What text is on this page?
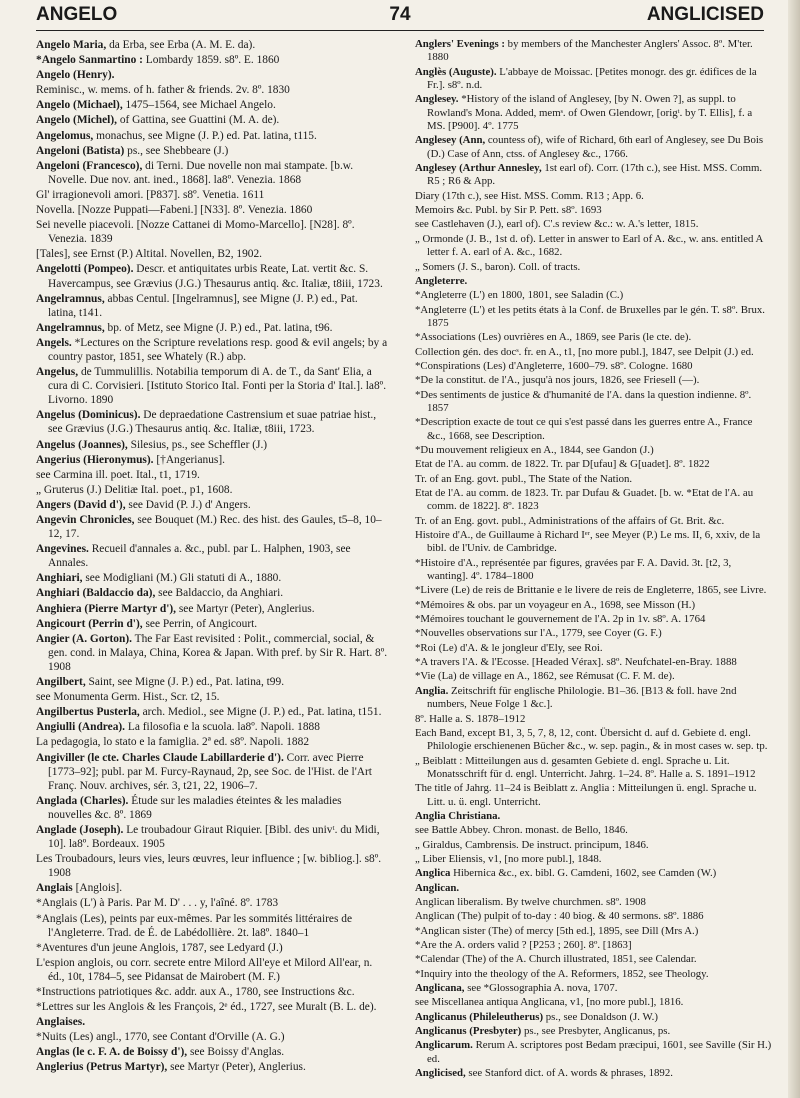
ANGELO	74	ANGLICISED

Angelo Maria, da Erba, see Erba (A. M. E. da).

*Angelo Sanmartino : Lombardy 1859. s8º. E. 1860

Angelo (Henry).

Reminisc., w. mems. of h. father & friends. 2v. 8º. 1830

Angelo (Michael), 1475–1564, see Michael Angelo.

Angelo (Michel), of Gattina, see Guattini (M. A. de).

Angelomus, monachus, see Migne (J. P.) ed. Pat. latina, t115.

Angeloni (Batista) ps., see Shebbeare (J.)

Angeloni (Francesco), di Terni. Due novelle non mai stampate. [b.w. Novelle. Due nov. ant. ined., 1868]. la8º. Venezia. 1868

Gl' irragionevoli amori. [P837]. s8º. Venetia. 1611

Novella. [Nozze Puppati—Fabeni.] [N33]. 8º. Venezia. 1860

Sei nevelle piacevoli. [Nozze Cattanei di Momo-Marcello]. [N28]. 8º. Venezia. 1839

[Tales], see Ernst (P.) Altital. Novellen, B2, 1902.

Angelotti (Pompeo). Descr. et antiquitates urbis Reate, Lat. vertit &c. S. Havercampus, see Grævius (J.G.) Thesaurus antiq. &c. Italiæ, t8iii, 1723.

Angelramnus, abbas Centul. [Ingelramnus], see Migne (J. P.) ed., Pat. latina, t141.

Angelramnus, bp. of Metz, see Migne (J. P.) ed., Pat. latina, t96.

Angels. *Lectures on the Scripture revelations resp. good & evil angels; by a country pastor, 1851, see Whately (R.) abp.

Angelus, de Tummulillis. Notabilia temporum di A. de T., da Sant' Elia, a cura di C. Corvisieri. [Istituto Storico Ital. Fonti per la Storia d' Ital.]. la8º. Livorno. 1890

Angelus (Dominicus). De depraedatione Castrensium et suae patriae hist., see Grævius (J.G.) Thesaurus antiq. &c. Italiæ, t8iii, 1723.

Angelus (Joannes), Silesius, ps., see Scheffler (J.)

Angerius (Hieronymus). [†Angerianus].

see Carmina ill. poet. Ital., t1, 1719.

„ Gruterus (J.) Delitiæ Ital. poet., p1, 1608.

Angers (David d'), see David (P. J.) d' Angers.

Angevin Chronicles, see Bouquet (M.) Rec. des hist. des Gaules, t5–8, 10–12, 17.

Angevines. Recueil d'annales a. &c., publ. par L. Halphen, 1903, see Annales.

Anghiari, see Modigliani (M.) Gli statuti di A., 1880.

Anghiari (Baldaccio da), see Baldaccio, da Anghiari.

Anghiera (Pierre Martyr d'), see Martyr (Peter), Anglerius.

Angicourt (Perrin d'), see Perrin, of Angicourt.

Angier (A. Gorton). The Far East revisited : Polit., commercial, social, & gen. cond. in Malaya, China, Korea & Japan. With pref. by Sir R. Hart. 8º. 1908

Angilbert, Saint, see Migne (J. P.) ed., Pat. latina, t99.

see Monumenta Germ. Hist., Scr. t2, 15.

Angilbertus Pusterla, arch. Mediol., see Migne (J. P.) ed., Pat. latina, t151.

Angiulli (Andrea). La filosofia e la scuola. la8º. Napoli. 1888

La pedagogia, lo stato e la famiglia. 2ª ed. s8º. Napoli. 1882

Angiviller (le cte. Charles Claude Labillarderie d'). Corr. avec Pierre [1773–92]; publ. par M. Furcy-Raynaud, 2p, see Soc. de l'Hist. de l'Art Franç. Nouv. archives, sér. 3, t21, 22, 1906–7.

Anglada (Charles). Étude sur les maladies éteintes & les maladies nouvelles &c. 8º. 1869

Anglade (Joseph). Le troubadour Giraut Riquier. [Bibl. des univᵗ. du Midi, 10]. la8º. Bordeaux. 1905

Les Troubadours, leurs vies, leurs œuvres, leur influence ; [w. bibliog.]. s8º. 1908

Anglais [Anglois].

*Anglais (L') à Paris. Par M. D' . . . y, l'aîné. 8º. 1783

*Anglais (Les), peints par eux-mêmes. Par les sommités littéraires de l'Angleterre. Trad. de É. de Labédollière. 2t. la8º. 1840–1

*Aventures d'un jeune Anglois, 1787, see Ledyard (J.)

L'espion anglois, ou corr. secrete entre Milord All'eye et Milord All'ear, n. éd., 10t, 1784–5, see Pidansat de Mairobert (M. F.)

*Instructions patriotiques &c. addr. aux A., 1780, see Instructions &c.

*Lettres sur les Anglois & les François, 2ᵉ éd., 1727, see Muralt (B. L. de).

Anglaises.

*Nuits (Les) angl., 1770, see Contant d'Orville (A. G.)

Anglas (le c. F. A. de Boissy d'), see Boissy d'Anglas.

Anglerius (Petrus Martyr), see Martyr (Peter), Anglerius.

Anglers' Evenings : by members of the Manchester Anglers' Assoc. 8º. M'ter. 1880

Anglès (Auguste). L'abbaye de Moissac. [Petites monogr. des gr. édifices de la Fr.]. s8º. n.d.

Anglesey. *History of the island of Anglesey, [by N. Owen ?], as suppl. to Rowland's Mona. Added, memˢ. of Owen Glendowr, [origᵗ. by T. Ellis], f. a MS. [P900]. 4º. 1775

Anglesey (Ann, countess of), wife of Richard, 6th earl of Anglesey, see Du Bois (D.) Case of Ann, ctss. of Anglesey &c., 1766.

Anglesey (Arthur Annesley, 1st earl of). Corr. (17th c.), see Hist. MSS. Comm. R5 ; R6 & App.

Diary (17th c.), see Hist. MSS. Comm. R13 ; App. 6.

Memoirs &c. Publ. by Sir P. Pett. s8º. 1693

see Castlehaven (J.), earl of). C'.s review &c.: w. A.'s letter, 1815.

„ Ormonde (J. B., 1st d. of). Letter in answer to Earl of A. &c., w. ans. entitled A letter f. A. earl of A. &c., 1682.

„ Somers (J. S., baron). Coll. of tracts.

Angleterre.

*Angleterre (L') en 1800, 1801, see Saladin (C.)

*Angleterre (L') et les petits états à la Conf. de Bruxelles par le gén. T. s8º. Brux. 1875

*Associations (Les) ouvrières en A., 1869, see Paris (le cte. de).

Collection gén. des docˢ. fr. en A., t1, [no more publ.], 1847, see Delpit (J.) ed.

*Conspirations (Les) d'Angleterre, 1600–79. s8º. Cologne. 1680

*De la constitut. de l'A., jusqu'à nos jours, 1826, see Friesell (—).

*Des sentiments de justice & d'humanité de l'A. dans la question indienne. 8º. 1857

*Description exacte de tout ce qui s'est passé dans les guerres entre A., France &c., 1668, see Description.

*Du mouvement religieux en A., 1844, see Gandon (J.)

Etat de l'A. au comm. de 1822. Tr. par D[ufau] & G[uadet]. 8º. 1822

Tr. of an Eng. govt. publ., The State of the Nation.

Etat de l'A. au comm. de 1823. Tr. par Dufau & Guadet. [b. w. *Etat de l'A. au comm. de 1822]. 8º. 1823

Tr. of an Eng. govt. publ., Administrations of the affairs of Gt. Brit. &c.

Histoire d'A., de Guillaume à Richard Iᵉʳ, see Meyer (P.) Le ms. II, 6, xxiv, de la bibl. de l'Univ. de Cambridge.

*Histoire d'A., représentée par figures, gravées par F. A. David. 3t. [t2, 3, wanting]. 4º. 1784–1800

*Livere (Le) de reis de Brittanie e le livere de reis de Engleterre, 1865, see Livre.

*Mémoires & obs. par un voyageur en A., 1698, see Misson (H.)

*Mémoires touchant le gouvernement de l'A. 2p in 1v. s8º. A. 1764

*Nouvelles observations sur l'A., 1779, see Coyer (G. F.)

*Roi (Le) d'A. & le jongleur d'Ely, see Roi.

*A travers l'A. & l'Ecosse. [Headed Vérax]. s8º. Neufchatel-en-Bray. 1888

*Vie (La) de village en A., 1862, see Rémusat (C. F. M. de).

Anglia. Zeitschrift für englische Philologie. B1–36. [B13 & foll. have 2nd numbers, Neue Folge 1 &c.].

8º. Halle a. S. 1878–1912

Each Band, except B1, 3, 5, 7, 8, 12, cont. Übersicht d. auf d. Gebiete d. engl. Philologie erschienenen Bücher &c., w. sep. pagin., & in most cases w. sep. tp.

„ Beiblatt : Mitteilungen aus d. gesamten Gebiete d. engl. Sprache u. Lit. Monatsschrift für d. engl. Unterricht. Jahrg. 1–24. 8º. Halle a. S. 1891–1912

The title of Jahrg. 11–24 is Beiblatt z. Anglia : Mitteilungen ü. engl. Sprache u. Litt. u. ü. engl. Unterricht.

Anglia Christiana.

see Battle Abbey. Chron. monast. de Bello, 1846.

„ Giraldus, Cambrensis. De instruct. principum, 1846.

„ Liber Eliensis, v1, [no more publ.], 1848.

Anglica Hibernica &c., ex. bibl. G. Camdeni, 1602, see Camden (W.)

Anglican.

Anglican liberalism. By twelve churchmen. s8º. 1908

Anglican (The) pulpit of to-day : 40 biog. & 40 sermons. s8º. 1886

*Anglican sister (The) of mercy [5th ed.], 1895, see Dill (Mrs A.)

*Are the A. orders valid ? [P253 ; 260]. 8º. [1863]

*Calendar (The) of the A. Church illustrated, 1851, see Calendar.

*Inquiry into the theology of the A. Reformers, 1852, see Theology.

Anglicana, see *Glossographia A. nova, 1707.

see Miscellanea antiqua Anglicana, v1, [no more publ.], 1816.

Anglicanus (Phileleutherus) ps., see Donaldson (J. W.)

Anglicanus (Presbyter) ps., see Presbyter, Anglicanus, ps.

Anglicarum. Rerum A. scriptores post Bedam præcipui, 1601, see Saville (Sir H.) ed.

Anglicised, see Stanford dict. of A. words & phrases, 1892.
